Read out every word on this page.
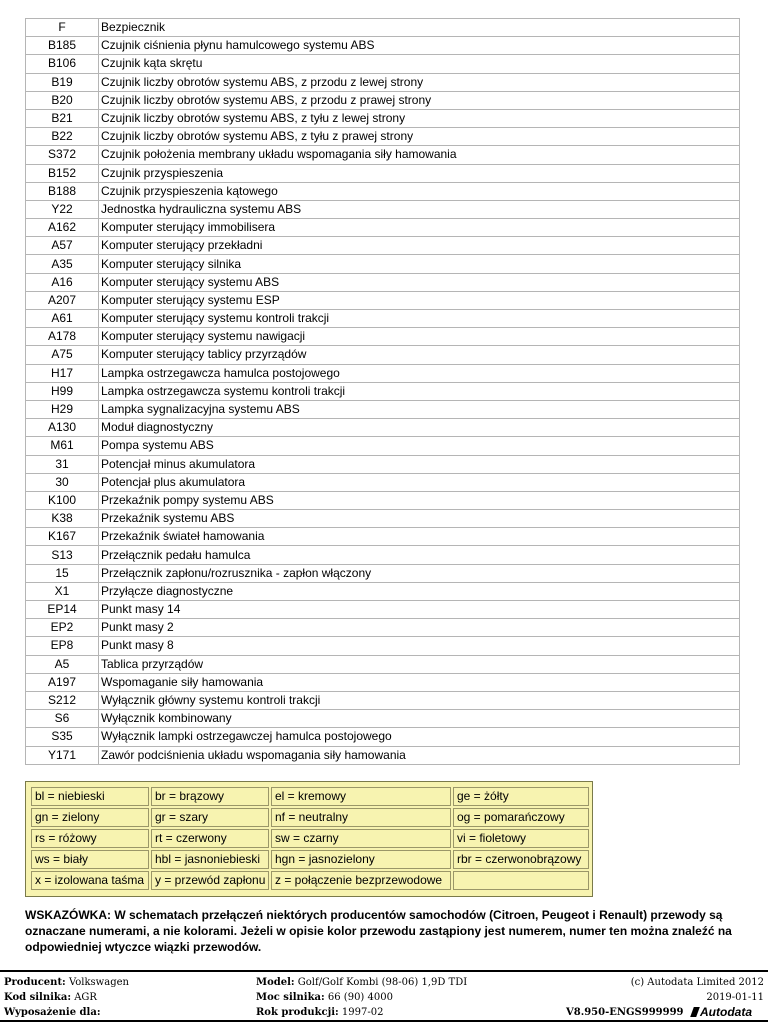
F	Bezpiecznik
B185	Czujnik ciśnienia płynu hamulcowego systemu ABS
B106	Czujnik kąta skrętu
B19	Czujnik liczby obrotów systemu ABS, z przodu z lewej strony
B20	Czujnik liczby obrotów systemu ABS, z przodu z prawej strony
B21	Czujnik liczby obrotów systemu ABS, z tyłu z lewej strony
B22	Czujnik liczby obrotów systemu ABS, z tyłu z prawej strony
S372	Czujnik położenia membrany układu wspomagania siły hamowania
B152	Czujnik przyspieszenia
B188	Czujnik przyspieszenia kątowego
Y22	Jednostka hydrauliczna systemu ABS
A162	Komputer sterujący immobilisera
A57	Komputer sterujący przekładni
A35	Komputer sterujący silnika
A16	Komputer sterujący systemu ABS
A207	Komputer sterujący systemu ESP
A61	Komputer sterujący systemu kontroli trakcji
A178	Komputer sterujący systemu nawigacji
A75	Komputer sterujący tablicy przyrządów
H17	Lampka ostrzegawcza hamulca postojowego
H99	Lampka ostrzegawcza systemu kontroli trakcji
H29	Lampka sygnalizacyjna systemu ABS
A130	Moduł diagnostyczny
M61	Pompa systemu ABS
31	Potencjał minus akumulatora
30	Potencjał plus akumulatora
K100	Przekaźnik pompy systemu ABS
K38	Przekaźnik systemu ABS
K167	Przekaźnik świateł hamowania
S13	Przełącznik pedału hamulca
15	Przełącznik zapłonu/rozrusznika - zapłon włączony
X1	Przyłącze diagnostyczne
EP14	Punkt masy 14
EP2	Punkt masy 2
EP8	Punkt masy 8
A5	Tablica przyrządów
A197	Wspomaganie siły hamowania
S212	Wyłącznik główny systemu kontroli trakcji
S6	Wyłącznik kombinowany
S35	Wyłącznik lampki ostrzegawczej hamulca postojowego
Y171	Zawór podciśnienia układu wspomagania siły hamowania
bl = niebieski	br = brązowy	el = kremowy	ge = żółty
gn = zielony	gr = szary	nf = neutralny	og = pomarańczowy
rs = różowy	rt = czerwony	sw = czarny	vi = fioletowy
ws = biały	hbl = jasnoniebieski	hgn = jasnozielony	rbr = czerwonobrązowy
x = izolowana taśma	y = przewód zapłonu	z = połączenie bezprzewodowe	
WSKAZÓWKA: W schematach przełączeń niektórych producentów samochodów (Citroen, Peugeot i Renault) przewody są oznaczane numerami, a nie kolorami. Jeżeli w opisie kolor przewodu zastąpiony jest numerem, numer ten można znaleźć na odpowiedniej wtyczce wiązki przewodów.
Producent: Volkswagen
Kod silnika: AGR
Wyposażenie dla:
Model: Golf/Golf Kombi (98-06) 1,9D TDI
Moc silnika: 66 (90) 4000
Rok produkcji: 1997-02
(c) Autodata Limited 2012
2019-01-11
V8.950-ENGS999999	Autodata
